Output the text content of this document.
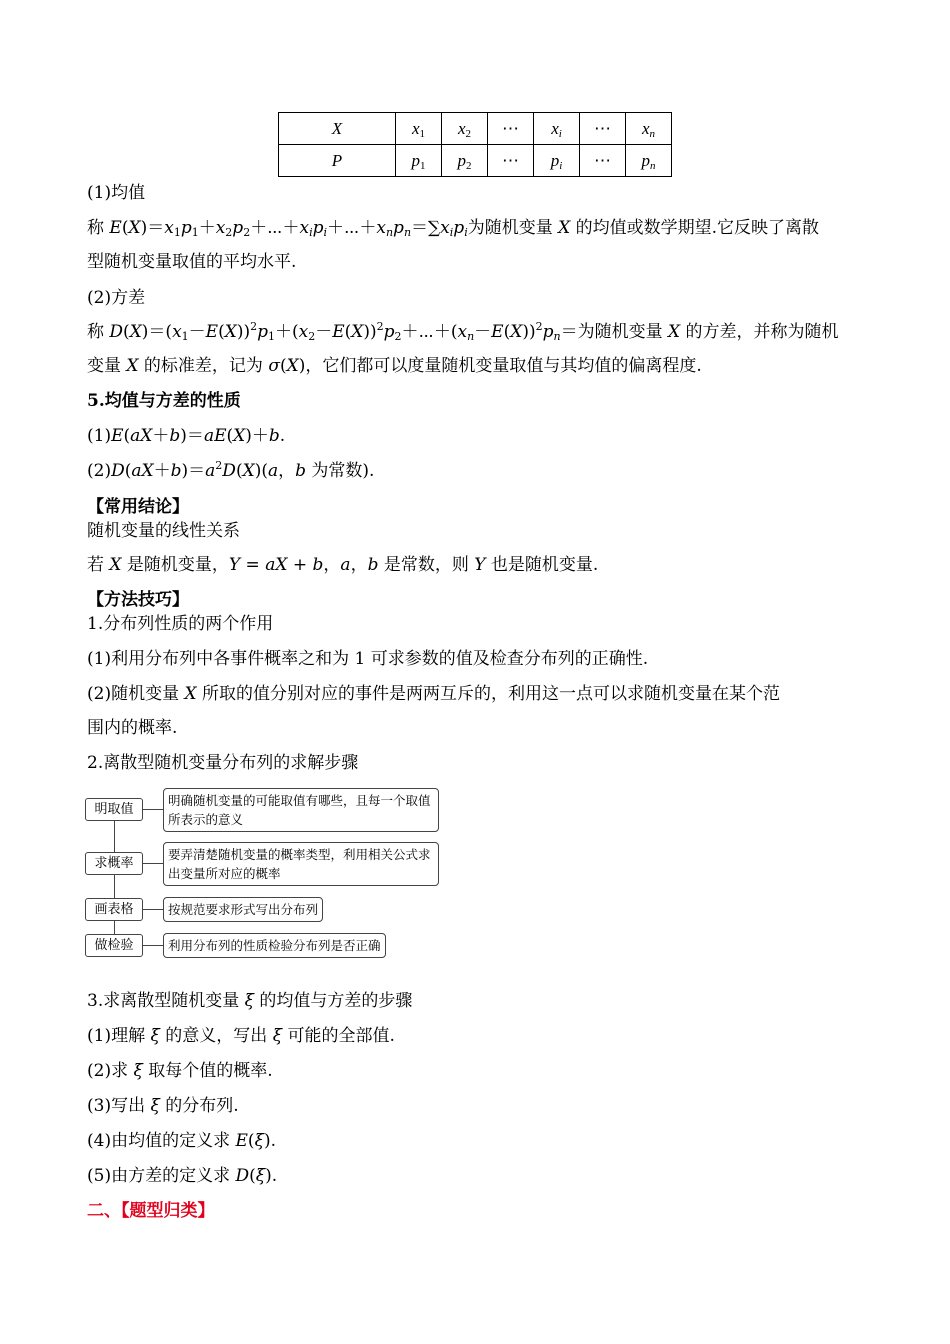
X	$x_1$	$x_2$	⋯	$x_i$	⋯	$x_n$
P	$p_1$	$p_2$	⋯	$p_i$	⋯	$p_n$
(1)均值
称 $E(X)=x_1p_1+x_2p_2+\cdots+x_ip_i+\cdots+x_np_n=\sum x_ip_i$为随机变量 X 的均值或数学期望.它反映了离散
型随机变量取值的平均水平.
(2)方差
称 $D(X)=(x_1-E(X))^2p_1+(x_2-E(X))^2p_2+\cdots+(x_n-E(X))^2p_n=$为随机变量 X 的方差，并称为随机
变量 X 的标准差，记为 σ(X)，它们都可以度量随机变量取值与其均值的偏离程度.
5.均值与方差的性质
(1)E(aX＋b)＝aE(X)＋b.
$(2)D(aX+b)=a^2D(X)(a$，b 为常数).
【常用结论】
随机变量的线性关系
若 X 是随机变量，Y = aX + b，a，b 是常数，则 Y 也是随机变量.
【方法技巧】
1.分布列性质的两个作用
(1)利用分布列中各事件概率之和为 1 可求参数的值及检查分布列的正确性.
(2)随机变量 X 所取的值分别对应的事件是两两互斥的，利用这一点可以求随机变量在某个范
围内的概率.
2.离散型随机变量分布列的求解步骤
明取值
明确随机变量的可能取值有哪些，且每一个取值所表示的意义
求概率
要弄清楚随机变量的概率类型，利用相关公式求出变量所对应的概率
画表格	按规范要求形式写出分布列
做检验	利用分布列的性质检验分布列是否正确
3.求离散型随机变量 ξ 的均值与方差的步骤
(1)理解 ξ 的意义，写出 ξ 可能的全部值.
(2)求 ξ 取每个值的概率.
(3)写出 ξ 的分布列.
(4)由均值的定义求 E(ξ).
(5)由方差的定义求 D(ξ).
二、【题型归类】
